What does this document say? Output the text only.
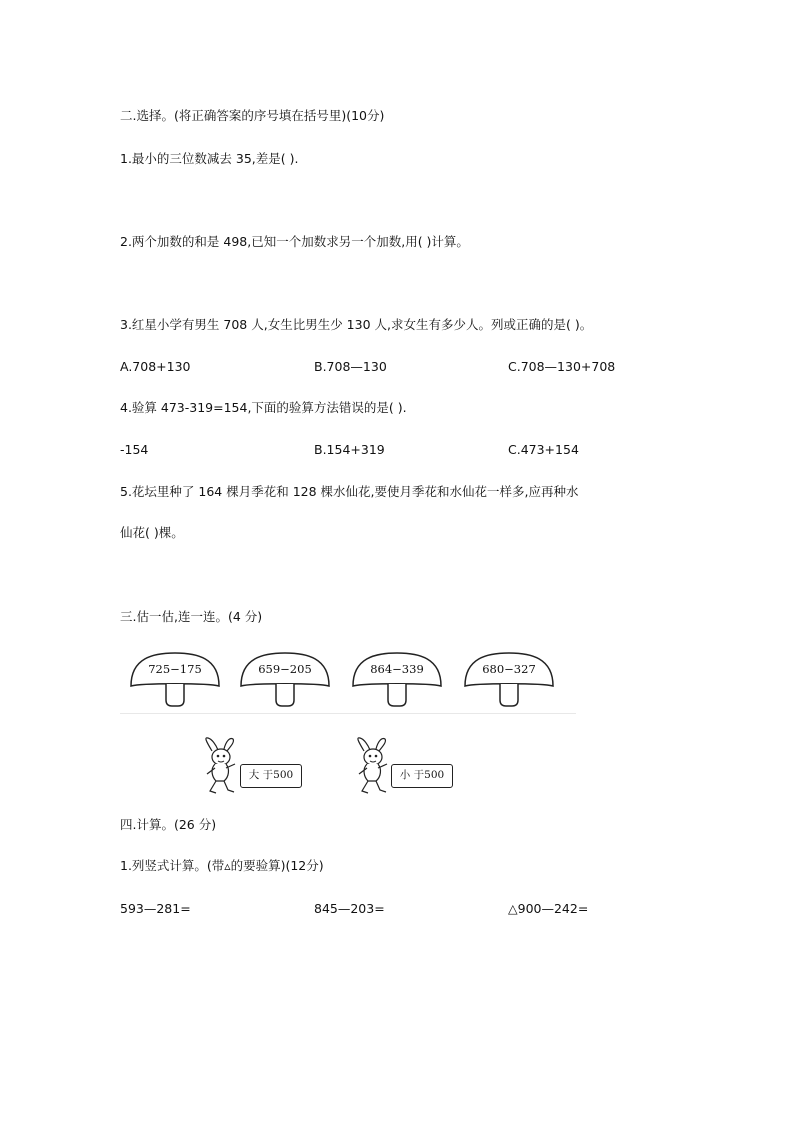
二.选择。(将正确答案的序号填在括号里)(10分)
1.最小的三位数减去 35,差是( ).
2.两个加数的和是 498,已知一个加数求另一个加数,用( )计算。
3.红星小学有男生 708 人,女生比男生少 130 人,求女生有多少人。列或正确的是( )。
A.708+130	B.708—130	C.708—130+708
4.验算 473-319=154,下面的验算方法错误的是( ).
-154	B.154+319	C.473+154
5.花坛里种了 164 棵月季花和 128 棵水仙花,要使月季花和水仙花一样多,应再种水
仙花( )棵。
三.估一估,连一连。(4 分)
725−175	659−205	864−339	680−327
大 于500	小 于500
四.计算。(26 分)
1.列竖式计算。(带▵的要验算)(12分)
593—281=	845—203=	△900—242=
